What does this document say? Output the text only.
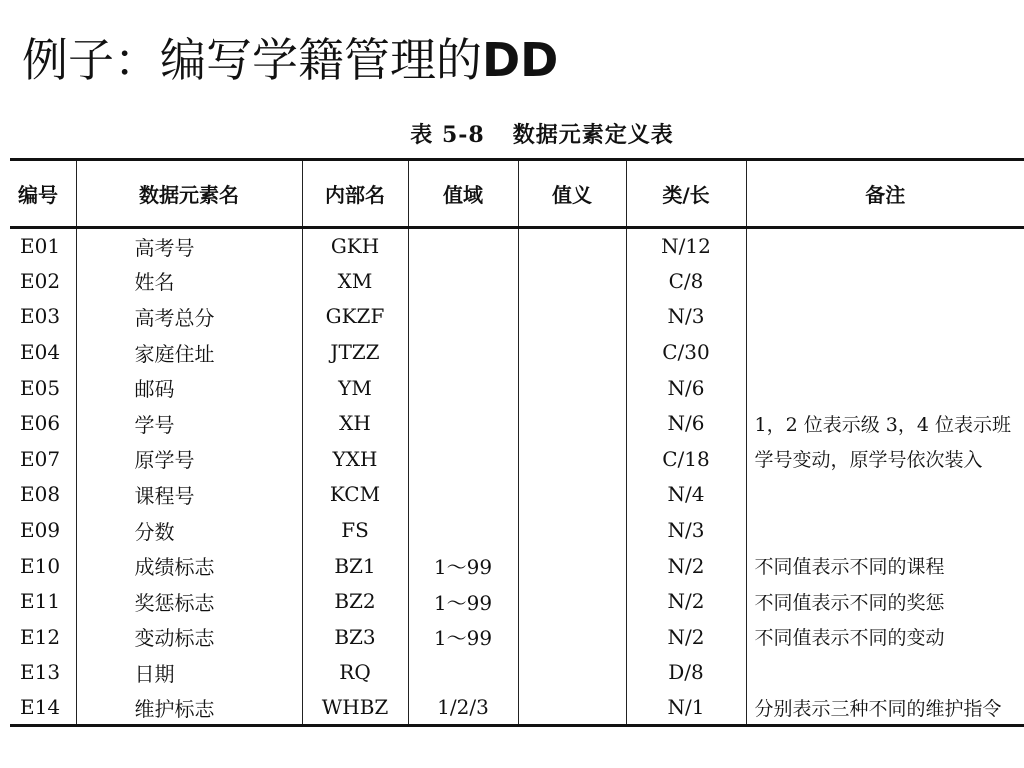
例子：编写学籍管理的DD
表 5-8 数据元素定义表
编号	数据元素名	内部名	值域	值义	类/长	备注
E01	高考号	GKH			N/12	
E02	姓名	XM			C/8	
E03	高考总分	GKZF			N/3	
E04	家庭住址	JTZZ			C/30	
E05	邮码	YM			N/6	
E06	学号	XH			N/6	1，2 位表示级 3，4 位表示班
E07	原学号	YXH			C/18	学号变动，原学号依次装入
E08	课程号	KCM			N/4	
E09	分数	FS			N/3	
E10	成绩标志	BZ1	1～99		N/2	不同值表示不同的课程
E11	奖惩标志	BZ2	1～99		N/2	不同值表示不同的奖惩
E12	变动标志	BZ3	1～99		N/2	不同值表示不同的变动
E13	日期	RQ			D/8	
E14	维护标志	WHBZ	1/2/3		N/1	分别表示三种不同的维护指令
